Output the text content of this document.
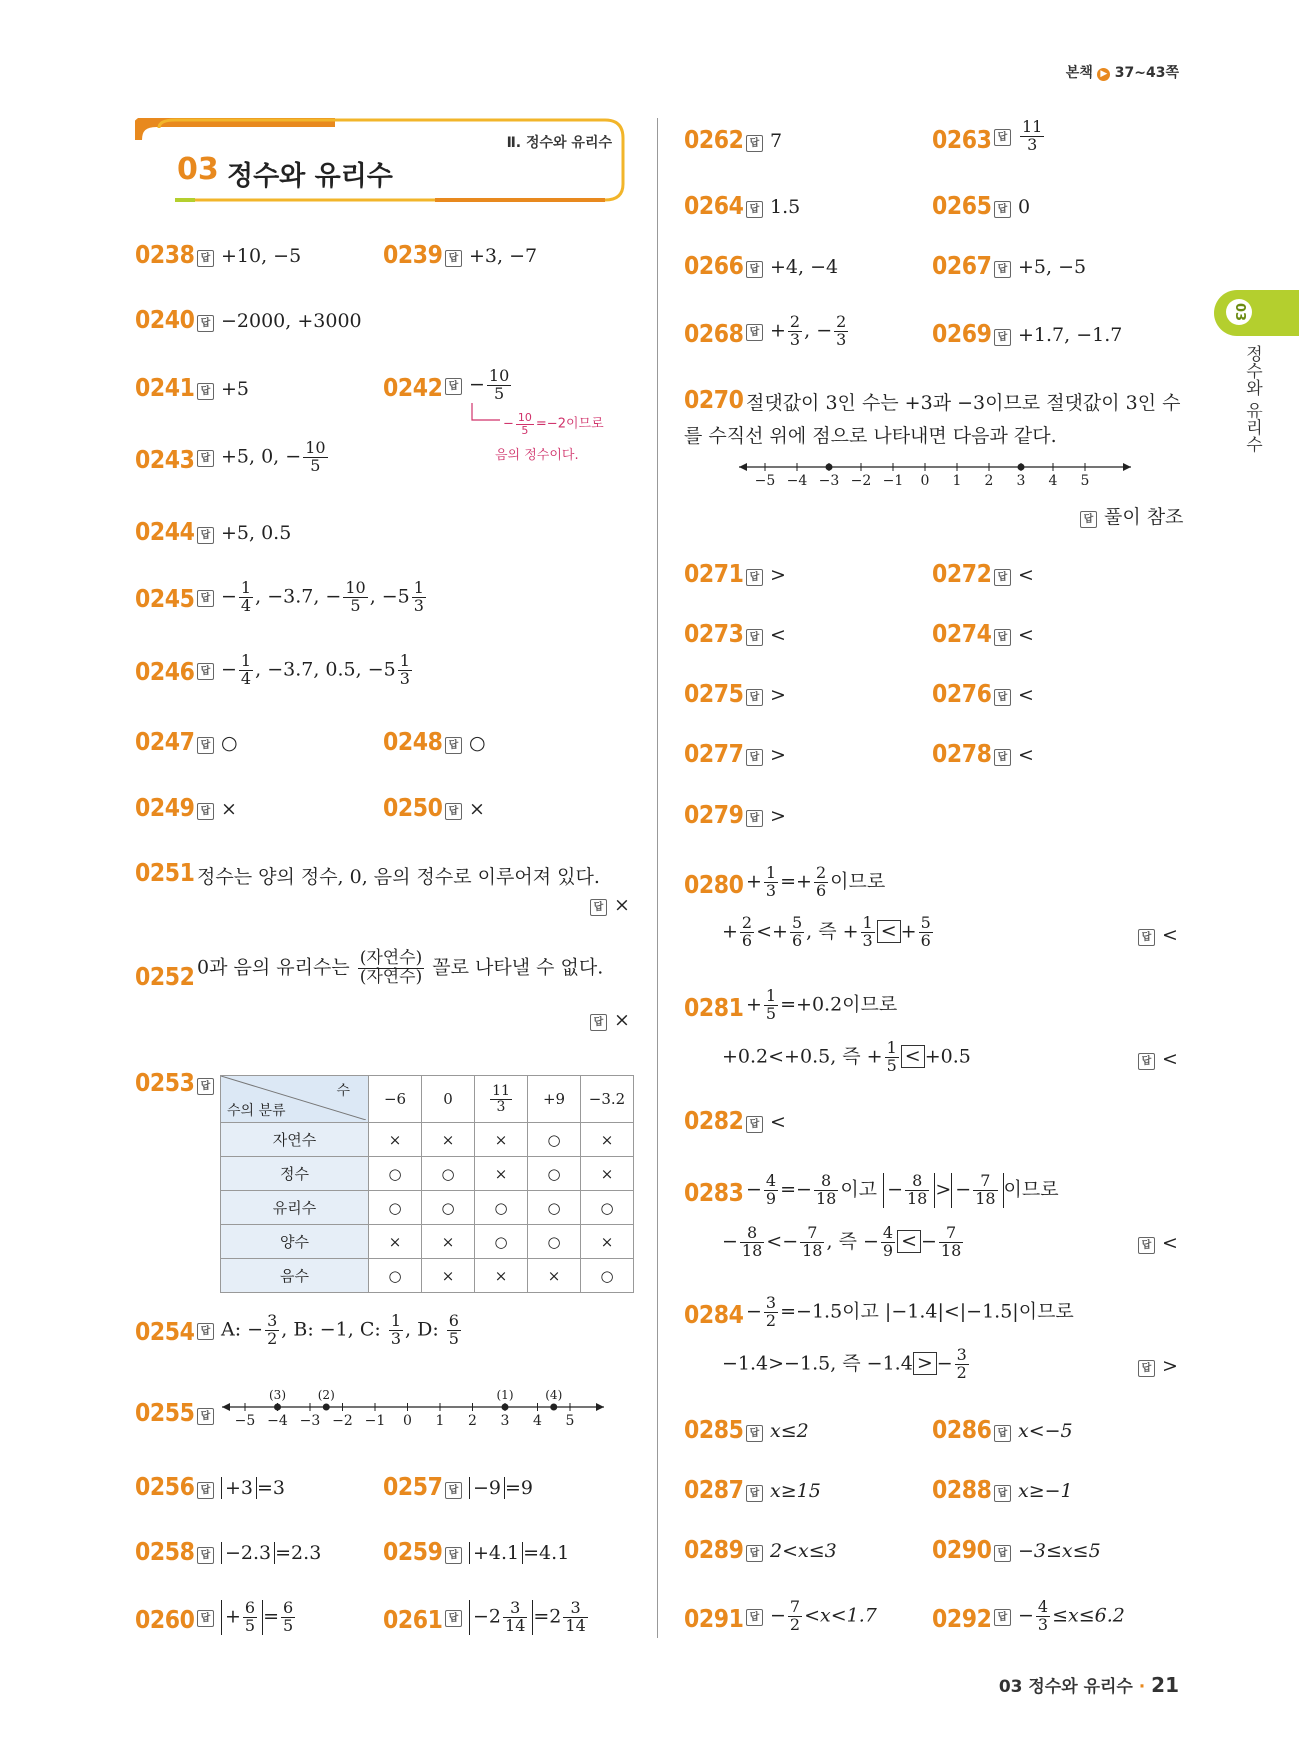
본책 ▶ 37~43쪽
Ⅱ. 정수와 유리수
03 정수와 유리수
03
정수와 유리수
0238 답 +10, −5	0239 답 +3, −7
0240 답 −2000, +3000
0241 답 +5	0242 답 − $\frac{10}{5}$
− $\frac{10}{5} =-2$이므로
음의 정수이다.
0243 답 +5, 0, − $\frac{10}{5}$
0244 답 +5, 0.5
0245 답 − $\frac{1}{4}$ , −3.7, − $\frac{10}{5}$ , $-5 \frac{1}{3}$
0246 답 − $\frac{1}{4}$ , −3.7, 0.5, $-5 \frac{1}{3}$
0247 답 ○	0248 답 ○
0249 답 ×	0250 답 ×
0251 정수는 양의 정수, 0, 음의 정수로 이루어져 있다.
답 ×
0252 0과 음의 유리수는 $\frac{\text{(자연수)}}{\text{(자연수)}}$ 꼴로 나타낼 수 없다.
답 ×
0253 답	수
수의 분류	−6	0	$\frac{11}{3}$	+9	−3.2
자연수	×	×	×	○	×
정수	○	○	×	○	×
유리수	○	○	○	○	○
양수	×	×	○	○	×
음수	○	×	×	×	○
0254 답 A: − $\frac{3}{2}$ , B: −1, C: $\frac{1}{3}$ , D: $\frac{6}{5}$
0255 답	−5 −4 −3 −2 −1 0 1 2 3 4 5
(3)	(2)	(1)	(4)
0256 답 +3 =3	0257 답 −9 =9
0258 답 −2.3 =2.3 0259 답 +4.1 =4.1
0260 답 + $\frac{6}{5} = \frac{6}{5}$	0261 답 $-2 \frac{3}{14} =2 \frac{3}{14}$
0262 답 7	0263 답 $\frac{11}{3}$
0264 답 1.5	0265 답 0
0266 답 +4, −4	0267 답 +5, −5
0268 답 + $\frac{2}{3}$ , − $\frac{2}{3}$	0269 답 +1.7, −1.7
0270 절댓값이 3인 수는 +3과 −3이므로 절댓값이 3인 수
를 수직선 위에 점으로 나타내면 다음과 같다.
−5 −4 −3 −2 −1 0 1 2 3 4 5
답 풀이 참조
0271 답 >	0272 답 <
0273 답 <	0274 답 <
0275 답 >	0276 답 <
0277 답 >	0278 답 <
0279 답 >
$0280 + \frac{1}{3} =+ \frac{2}{6}$ 이므로
+ $\frac{2}{6} <+ \frac{5}{6}$ , 즉 + $\frac{1}{3}$ < + $\frac{5}{6}$	답 <
$0281 + \frac{1}{5} =+0.2$이므로
+0.2<+0.5, 즉 + $\frac{1}{5} < +0.5$	답 <
0282 답 <
$0283 - \frac{4}{9} =- \frac{8}{18}$ 이고 − $\frac{8}{18}$ > − $\frac{7}{18}$ 이므로
− $\frac{8}{18} <- \frac{7}{18}$ , 즉 − $\frac{4}{9}$ < − $\frac{7}{18}$	답 <
$0284 - \frac{3}{2} =-1.5$이고 |−1.4|<|−1.5|이므로
−1.4>−1.5, 즉 −1.4 > − $\frac{3}{2}$	답 >
0285 답 x≤2	0286 답 x<−5
0287 답 x≥15	0288 답 x≥−1
0289 답 2<x≤3	0290 답 −3≤x≤5
0291 답 − $\frac{7}{2} <x<1.7$ 0292 답 − $\frac{4}{3} \le x\le 6.2$
03 정수와 유리수 · 21
